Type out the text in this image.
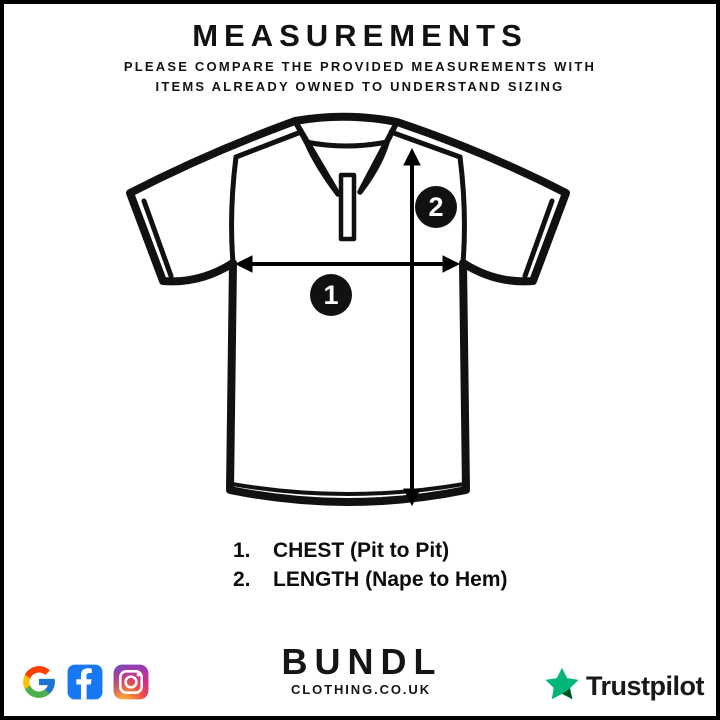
MEASUREMENTS
PLEASE COMPARE THE PROVIDED MEASUREMENTS WITH
ITEMS ALREADY OWNED TO UNDERSTAND SIZING
1
2
1.	CHEST (Pit to Pit)
2.	LENGTH (Nape to Hem)
BUNDL
CLOTHING.CO.UK	Trustpilot
